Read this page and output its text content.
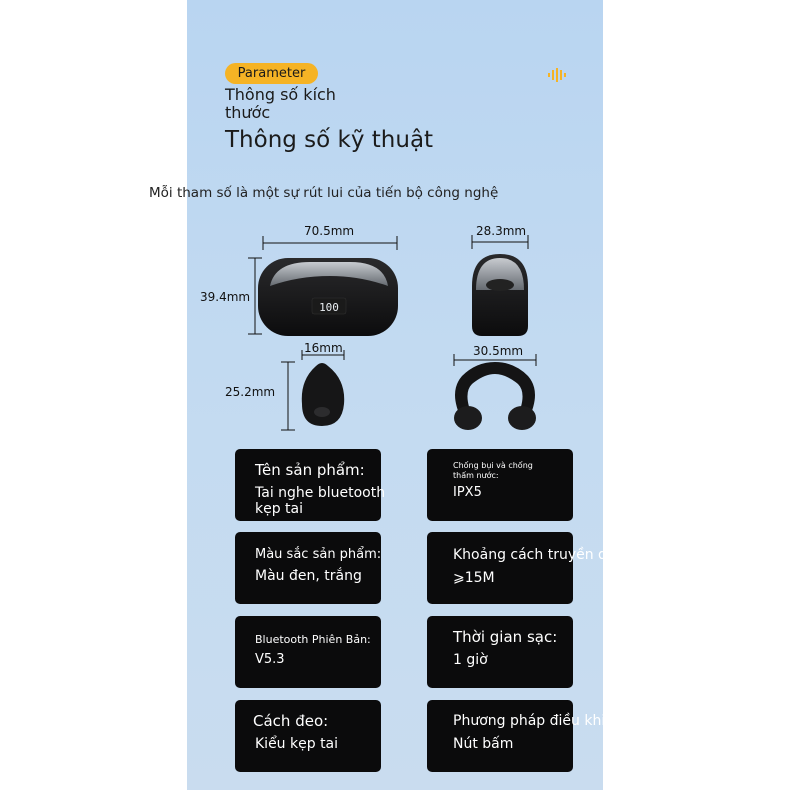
Parameter
Thông số kích thước
Thông số kỹ thuật
Mỗi tham số là một sự rút lui của tiến bộ công nghệ
100
70.5mm
39.4mm
28.3mm
16mm
25.2mm
30.5mm
Tên sản phẩm:
Tai nghe bluetooth kẹp tai
Chống bụi và chống thấm nước:
IPX5
Màu sắc sản phẩm:
Màu đen, trắng
Khoảng cách truyền d
⩾15M
Bluetooth Phiên Bản:
V5.3
Thời gian sạc:
1 giờ
Cách đeo:
Kiểu kẹp tai
Phương pháp điều khi
Nút bấm
